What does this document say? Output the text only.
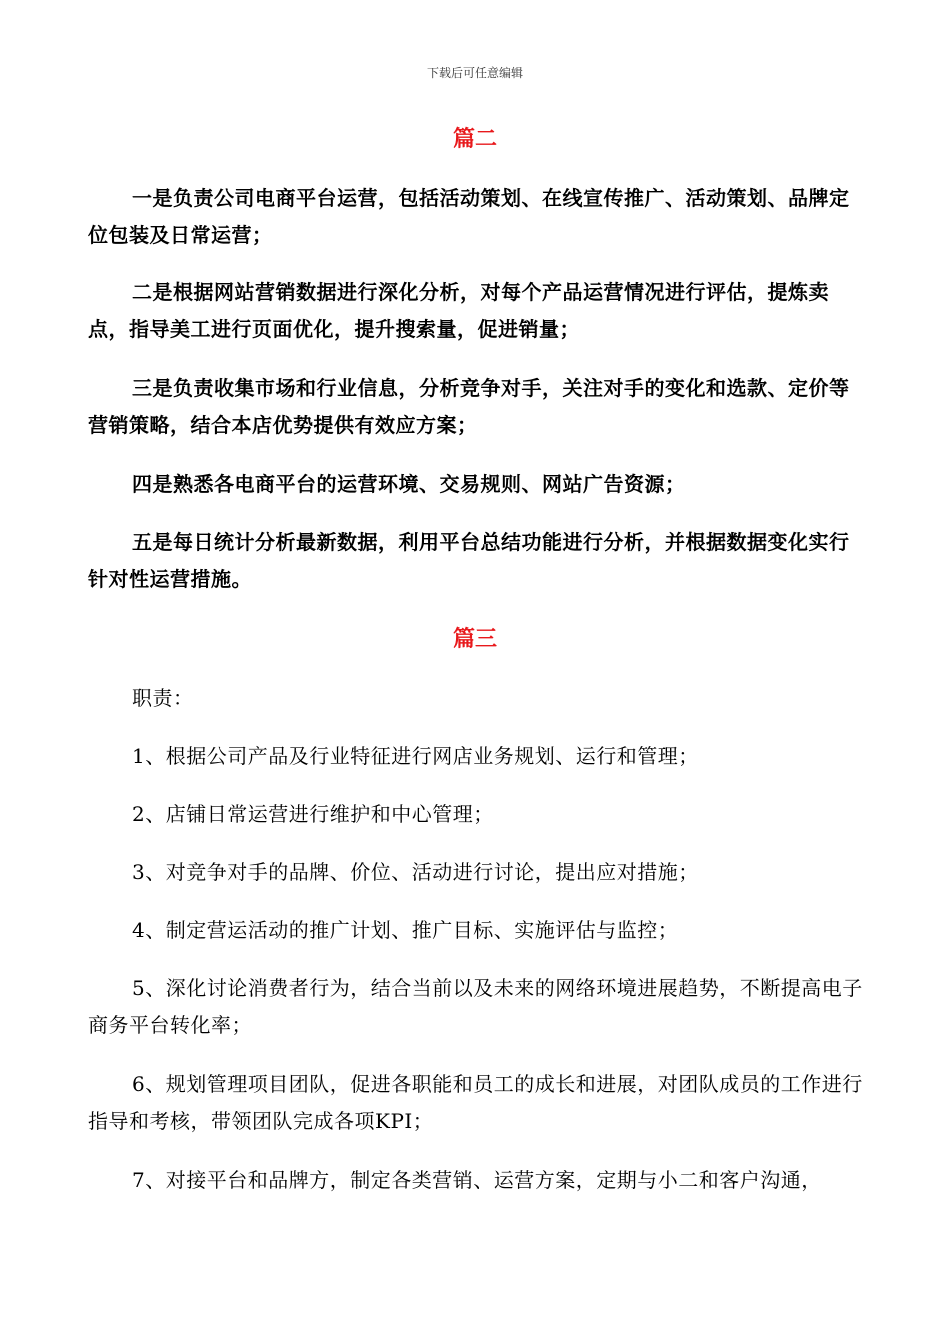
下载后可任意编辑
篇二

一是负责公司电商平台运营，包括活动策划、在线宣传推广、活动策划、品牌定位包装及日常运营；

二是根据网站营销数据进行深化分析，对每个产品运营情况进行评估，提炼卖点，指导美工进行页面优化，提升搜索量，促进销量；

三是负责收集市场和行业信息，分析竞争对手，关注对手的变化和选款、定价等营销策略，结合本店优势提供有效应方案；

四是熟悉各电商平台的运营环境、交易规则、网站广告资源；

五是每日统计分析最新数据，利用平台总结功能进行分析，并根据数据变化实行针对性运营措施。

篇三

职责：

1、根据公司产品及行业特征进行网店业务规划、运行和管理；

2、店铺日常运营进行维护和中心管理；

3、对竞争对手的品牌、价位、活动进行讨论，提出应对措施；

4、制定营运活动的推广计划、推广目标、实施评估与监控；

5、深化讨论消费者行为，结合当前以及未来的网络环境进展趋势，不断提高电子商务平台转化率；

6、规划管理项目团队，促进各职能和员工的成长和进展，对团队成员的工作进行指导和考核，带领团队完成各项KPI；

7、对接平台和品牌方，制定各类营销、运营方案，定期与小二和客户沟通，
